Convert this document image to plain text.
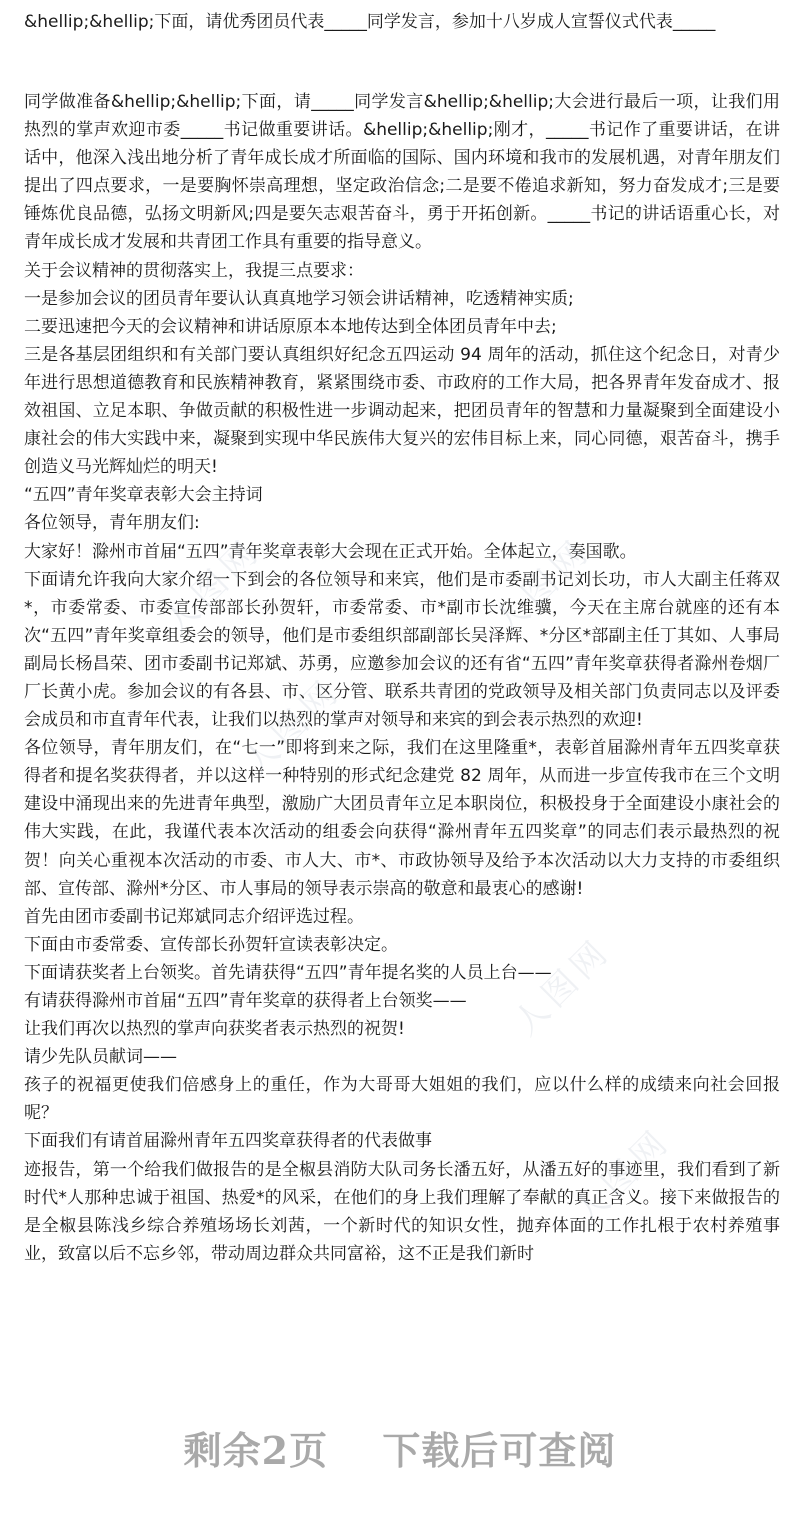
&hellip;&hellip;下面，请优秀团员代表_____同学发言，参加十八岁成人宣誓仪式代表_____

同学做准备&hellip;&hellip;下面，请_____同学发言&hellip;&hellip;大会进行最后一项，让我们用热烈的掌声欢迎市委_____书记做重要讲话。&hellip;&hellip;刚才，_____书记作了重要讲话，在讲话中，他深入浅出地分析了青年成长成才所面临的国际、国内环境和我市的发展机遇，对青年朋友们提出了四点要求，一是要胸怀崇高理想，坚定政治信念;二是要不倦追求新知，努力奋发成才;三是要锤炼优良品德，弘扬文明新风;四是要矢志艰苦奋斗，勇于开拓创新。_____书记的讲话语重心长，对青年成长成才发展和共青团工作具有重要的指导意义。

关于会议精神的贯彻落实上，我提三点要求：

一是参加会议的团员青年要认认真真地学习领会讲话精神，吃透精神实质;

二要迅速把今天的会议精神和讲话原原本本地传达到全体团员青年中去;

三是各基层团组织和有关部门要认真组织好纪念五四运动 94 周年的活动，抓住这个纪念日，对青少年进行思想道德教育和民族精神教育，紧紧围绕市委、市政府的工作大局，把各界青年发奋成才、报效祖国、立足本职、争做贡献的积极性进一步调动起来，把团员青年的智慧和力量凝聚到全面建设小康社会的伟大实践中来，凝聚到实现中华民族伟大复兴的宏伟目标上来，同心同德，艰苦奋斗，携手创造义马光辉灿烂的明天!

“五四”青年奖章表彰大会主持词

各位领导，青年朋友们:

大家好！滁州市首届“五四”青年奖章表彰大会现在正式开始。全体起立，奏国歌。

下面请允许我向大家介绍一下到会的各位领导和来宾，他们是市委副书记刘长功，市人大副主任蒋双*，市委常委、市委宣传部部长孙贺轩，市委常委、市*副市长沈维骥，今天在主席台就座的还有本次“五四”青年奖章组委会的领导，他们是市委组织部副部长吴泽辉、*分区*部副主任丁其如、人事局副局长杨昌荣、团市委副书记郑斌、苏勇，应邀参加会议的还有省“五四”青年奖章获得者滁州卷烟厂厂长黄小虎。参加会议的有各县、市、区分管、联系共青团的党政领导及相关部门负责同志以及评委会成员和市直青年代表，让我们以热烈的掌声对领导和来宾的到会表示热烈的欢迎!

各位领导，青年朋友们，在“七一”即将到来之际，我们在这里隆重*，表彰首届滁州青年五四奖章获得者和提名奖获得者，并以这样一种特别的形式纪念建党 82 周年，从而进一步宣传我市在三个文明建设中涌现出来的先进青年典型，激励广大团员青年立足本职岗位，积极投身于全面建设小康社会的伟大实践，在此，我谨代表本次活动的组委会向获得“滁州青年五四奖章”的同志们表示最热烈的祝贺！向关心重视本次活动的市委、市人大、市*、市政协领导及给予本次活动以大力支持的市委组织部、宣传部、滁州*分区、市人事局的领导表示崇高的敬意和最衷心的感谢!

首先由团市委副书记郑斌同志介绍评选过程。

下面由市委常委、宣传部长孙贺轩宣读表彰决定。

下面请获奖者上台领奖。首先请获得“五四”青年提名奖的人员上台——

有请获得滁州市首届“五四”青年奖章的获得者上台领奖——

让我们再次以热烈的掌声向获奖者表示热烈的祝贺!

请少先队员献词——

孩子的祝福更使我们倍感身上的重任，作为大哥哥大姐姐的我们，应以什么样的成绩来向社会回报呢？

下面我们有请首届滁州青年五四奖章获得者的代表做事

迹报告，第一个给我们做报告的是全椒县消防大队司务长潘五好，从潘五好的事迹里，我们看到了新时代*人那种忠诚于祖国、热爱*的风采，在他们的身上我们理解了奉献的真正含义。接下来做报告的是全椒县陈浅乡综合养殖场场长刘茜，一个新时代的知识女性，抛弃体面的工作扎根于农村养殖事业，致富以后不忘乡邻，带动周边群众共同富裕，这不正是我们新时

人图网	人图网
人图网
人图网
人图网
剩余2页 下载后可查阅
